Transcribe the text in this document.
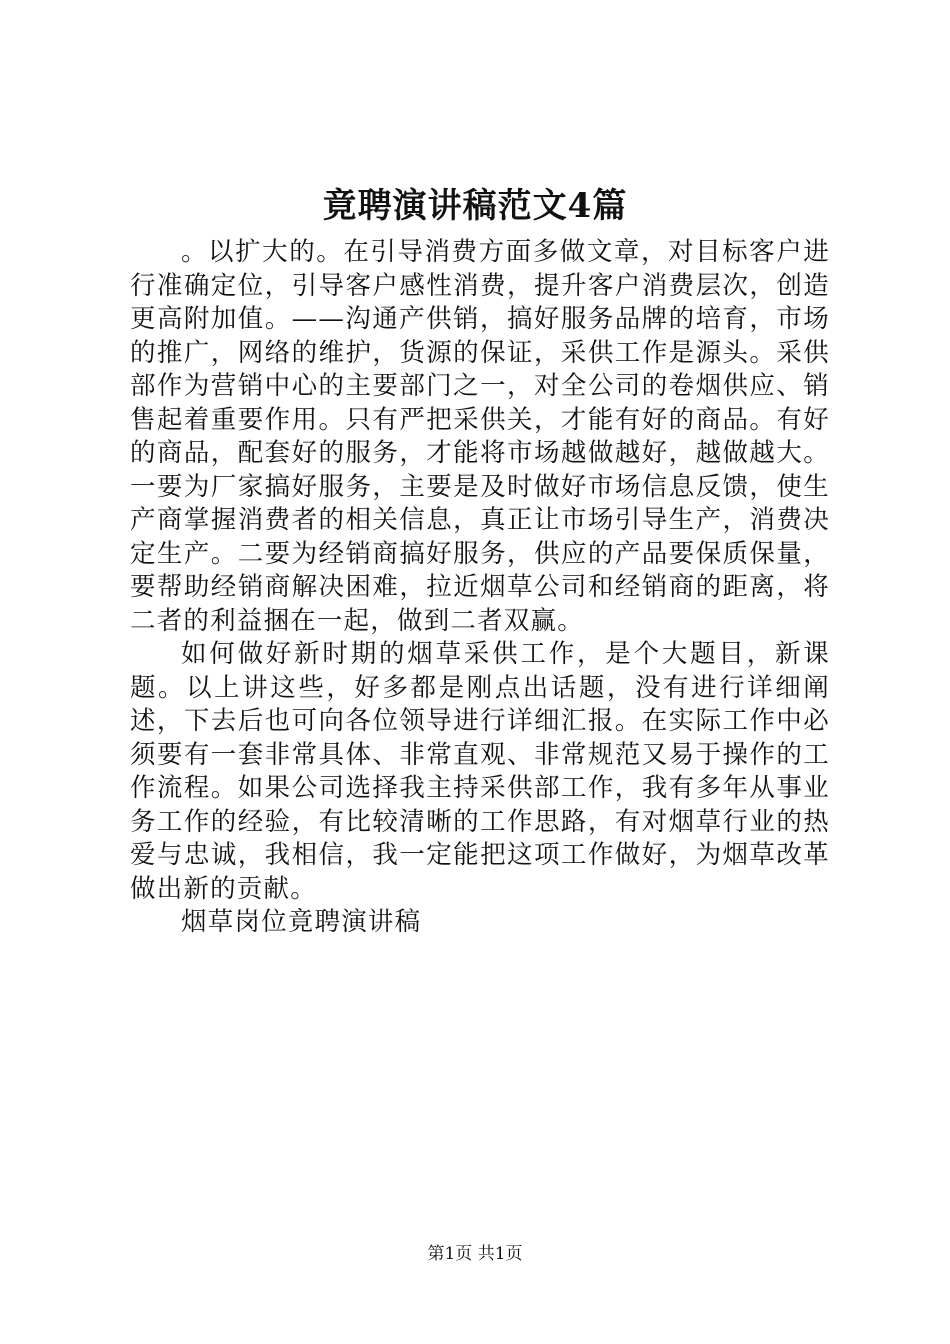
竟聘演讲稿范文4篇

。以扩大的。在引导消费方面多做文章，对目标客户进行准确定位，引导客户感性消费，提升客户消费层次，创造更高附加值。——沟通产供销，搞好服务品牌的培育，市场的推广，网络的维护，货源的保证，采供工作是源头。采供部作为营销中心的主要部门之一，对全公司的卷烟供应、销售起着重要作用。只有严把采供关，才能有好的商品。有好的商品，配套好的服务，才能将市场越做越好，越做越大。一要为厂家搞好服务，主要是及时做好市场信息反馈，使生产商掌握消费者的相关信息，真正让市场引导生产，消费决定生产。二要为经销商搞好服务，供应的产品要保质保量，要帮助经销商解决困难，拉近烟草公司和经销商的距离，将二者的利益捆在一起，做到二者双赢。

如何做好新时期的烟草采供工作，是个大题目，新课题。以上讲这些，好多都是刚点出话题，没有进行详细阐述，下去后也可向各位领导进行详细汇报。在实际工作中必须要有一套非常具体、非常直观、非常规范又易于操作的工作流程。如果公司选择我主持采供部工作，我有多年从事业务工作的经验，有比较清晰的工作思路，有对烟草行业的热爱与忠诚，我相信，我一定能把这项工作做好，为烟草改革做出新的贡献。

烟草岗位竟聘演讲稿

第1页 共1页
